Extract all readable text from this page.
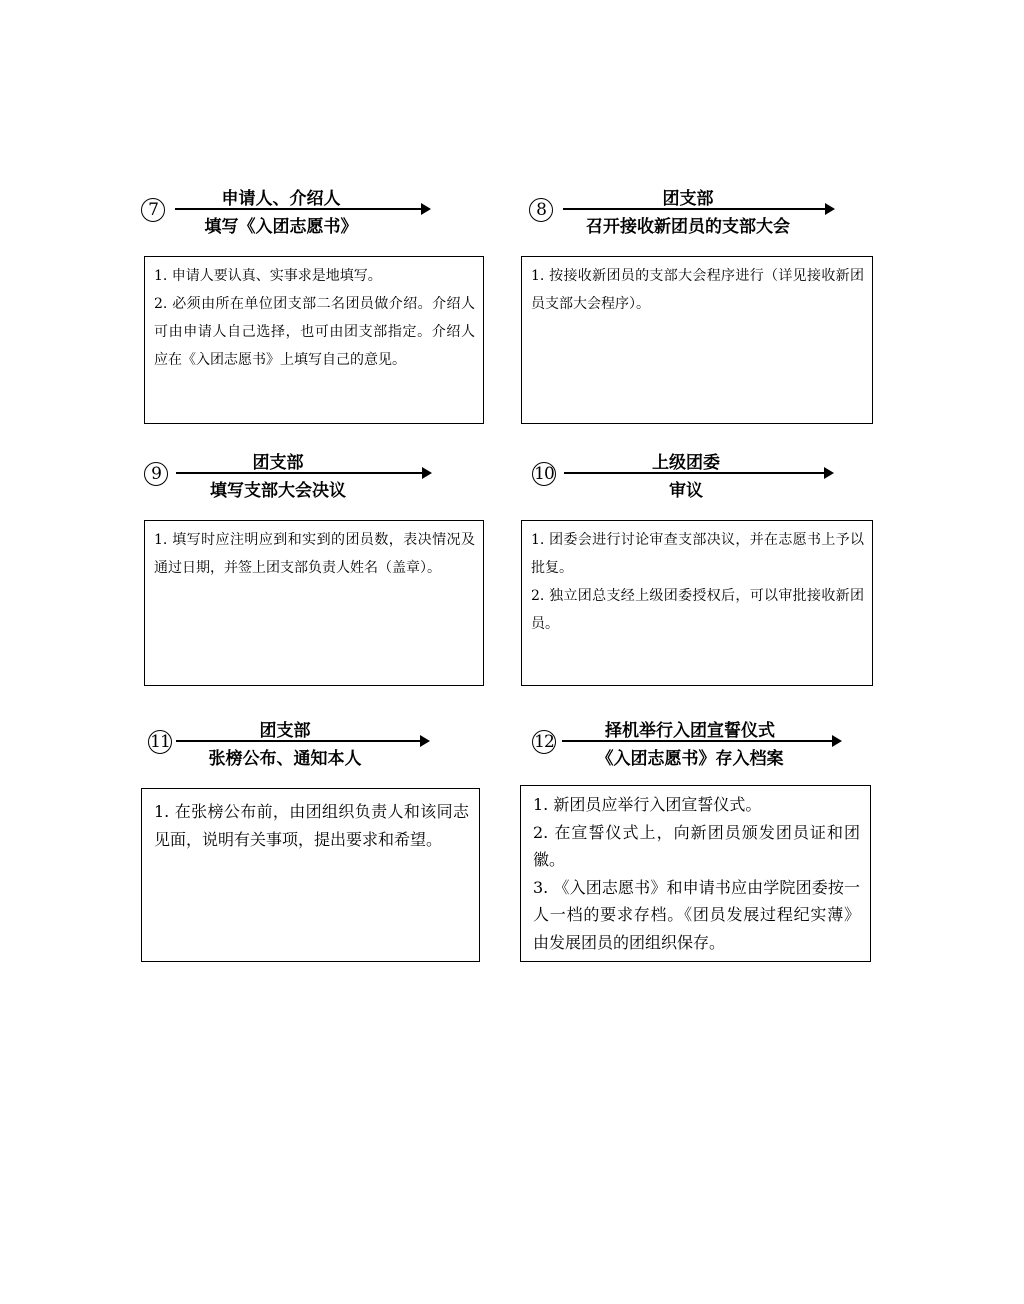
7
申请人、介绍人
填写《入团志愿书》

1. 申请人要认真、实事求是地填写。

2. 必须由所在单位团支部二名团员做介绍。介绍人可由申请人自己选择，也可由团支部指定。介绍人应在《入团志愿书》上填写自己的意见。

8
团支部
召开接收新团员的支部大会

1. 按接收新团员的支部大会程序进行（详见接收新团员支部大会程序）。

9
团支部
填写支部大会决议

1. 填写时应注明应到和实到的团员数，表决情况及通过日期，并签上团支部负责人姓名（盖章）。

10
上级团委
审议

1. 团委会进行讨论审查支部决议，并在志愿书上予以批复。

2. 独立团总支经上级团委授权后，可以审批接收新团员。

11
团支部
张榜公布、通知本人

1. 在张榜公布前，由团组织负责人和该同志见面，说明有关事项，提出要求和希望。

12
择机举行入团宣誓仪式
《入团志愿书》存入档案

1. 新团员应举行入团宣誓仪式。

2. 在宣誓仪式上，向新团员颁发团员证和团徽。

3. 《入团志愿书》和申请书应由学院团委按一人一档的要求存档。《团员发展过程纪实薄》由发展团员的团组织保存。
